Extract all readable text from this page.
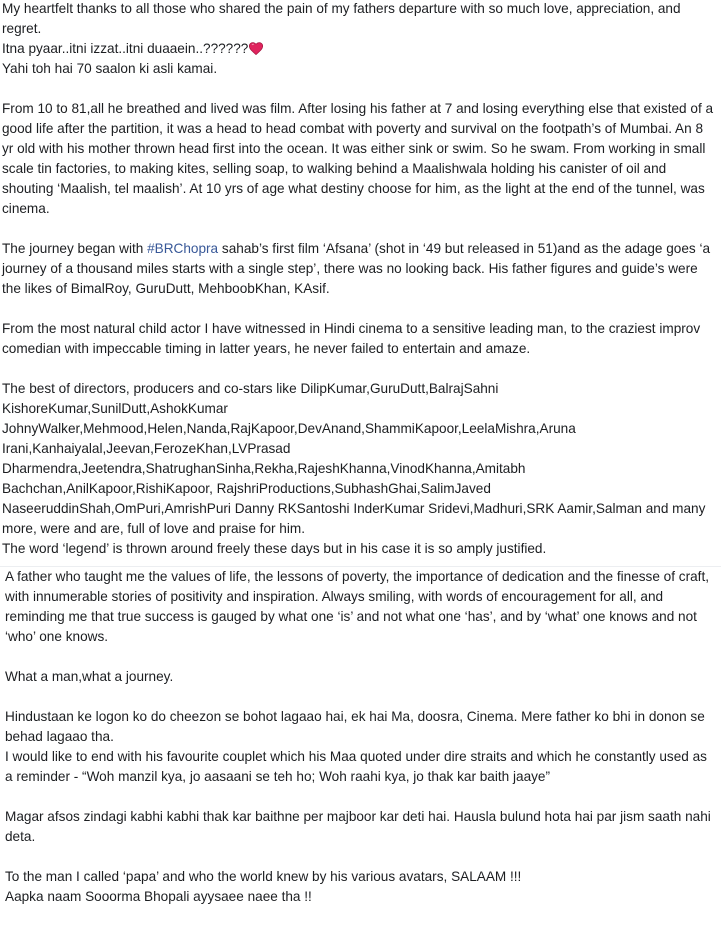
My heartfelt thanks to all those who shared the pain of my fathers departure with so much love, appreciation, and regret.
Itna pyaar..itni izzat..itni duaaein..??????
Yahi toh hai 70 saalon ki asli kamai.

From 10 to 81,all he breathed and lived was film. After losing his father at 7 and losing everything else that existed of a good life after the partition, it was a head to head combat with poverty and survival on the footpath’s of Mumbai. An 8 yr old with his mother thrown head first into the ocean. It was either sink or swim. So he swam. From working in small scale tin factories, to making kites, selling soap, to walking behind a Maalishwala holding his canister of oil and shouting ‘Maalish, tel maalish’. At 10 yrs of age what destiny choose for him, as the light at the end of the tunnel, was cinema.

The journey began with #BRChopra sahab’s first film ‘Afsana’ (shot in ‘49 but released in 51)and as the adage goes ‘a journey of a thousand miles starts with a single step’, there was no looking back. His father figures and guide’s were the likes of BimalRoy, GuruDutt, MehboobKhan, KAsif.

From the most natural child actor I have witnessed in Hindi cinema to a sensitive leading man, to the craziest improv comedian with impeccable timing in latter years, he never failed to entertain and amaze.

The best of directors, producers and co-stars like DilipKumar,GuruDutt,BalrajSahni
KishoreKumar,SunilDutt,AshokKumar
JohnyWalker,Mehmood,Helen,Nanda,RajKapoor,DevAnand,ShammiKapoor,LeelaMishra,Aruna Irani,Kanhaiyalal,Jeevan,FerozeKhan,LVPrasad
Dharmendra,Jeetendra,ShatrughanSinha,Rekha,RajeshKhanna,VinodKhanna,Amitabh Bachchan,AnilKapoor,RishiKapoor, RajshriProductions,SubhashGhai,SalimJaved
NaseeruddinShah,OmPuri,AmrishPuri Danny RKSantoshi InderKumar Sridevi,Madhuri,SRK Aamir,Salman and many more, were and are, full of love and praise for him.
The word ‘legend’ is thrown around freely these days but in his case it is so amply justified.

A father who taught me the values of life, the lessons of poverty, the importance of dedication and the finesse of craft, with innumerable stories of positivity and inspiration. Always smiling, with words of encouragement for all, and reminding me that true success is gauged by what one ‘is’ and not what one ‘has’, and by ‘what’ one knows and not ‘who’ one knows.

What a man,what a journey.

Hindustaan ke logon ko do cheezon se bohot lagaao hai, ek hai Ma, doosra, Cinema. Mere father ko bhi in donon se behad lagaao tha.
I would like to end with his favourite couplet which his Maa quoted under dire straits and which he constantly used as a reminder - “Woh manzil kya, jo aasaani se teh ho; Woh raahi kya, jo thak kar baith jaaye”

Magar afsos zindagi kabhi kabhi thak kar baithne per majboor kar deti hai. Hausla bulund hota hai par jism saath nahi deta.

To the man I called ‘papa’ and who the world knew by his various avatars, SALAAM !!!
Aapka naam Sooorma Bhopali ayysaee naee tha !!
